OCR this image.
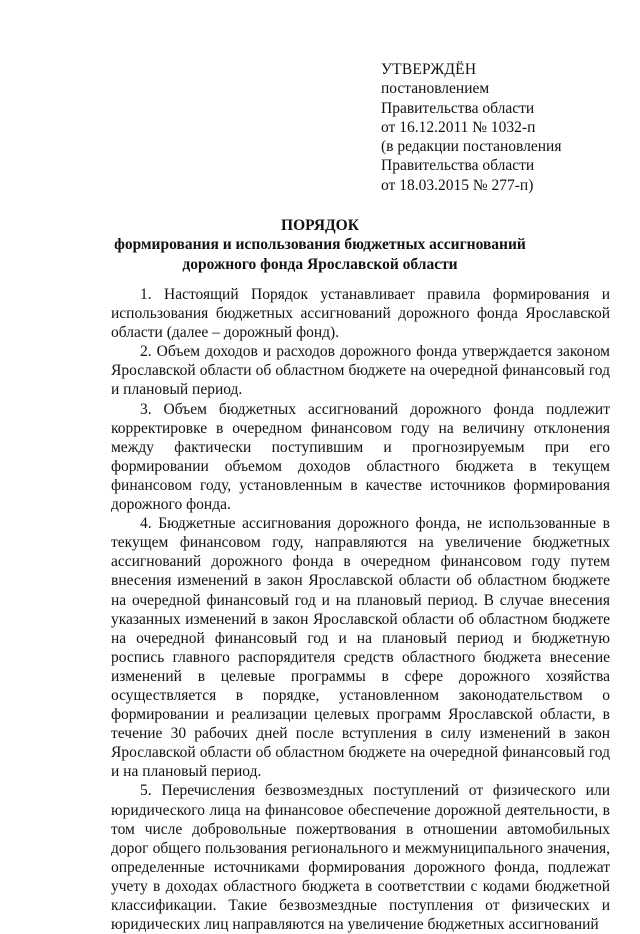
УТВЕРЖДЁН
постановлением
Правительства области
от 16.12.2011 № 1032-п
(в редакции постановления
Правительства области
от 18.03.2015 № 277-п)
ПОРЯДОК
формирования и использования бюджетных ассигнований
дорожного фонда Ярославской области

1. Настоящий Порядок устанавливает правила формирования и использования бюджетных ассигнований дорожного фонда Ярославской области (далее – дорожный фонд).

2. Объем доходов и расходов дорожного фонда утверждается законом Ярославской области об областном бюджете на очередной финансовый год и плановый период.

3. Объем бюджетных ассигнований дорожного фонда подлежит корректировке в очередном финансовом году на величину отклонения между фактически поступившим и прогнозируемым при его формировании объемом доходов областного бюджета в текущем финансовом году, установленным в качестве источников формирования дорожного фонда.

4. Бюджетные ассигнования дорожного фонда, не использованные в текущем финансовом году, направляются на увеличение бюджетных ассигнований дорожного фонда в очередном финансовом году путем внесения изменений в закон Ярославской области об областном бюджете на очередной финансовый год и на плановый период. В случае внесения указанных изменений в закон Ярославской области об областном бюджете на очередной финансовый год и на плановый период и бюджетную роспись главного распорядителя средств областного бюджета внесение изменений в целевые программы в сфере дорожного хозяйства осуществляется в порядке, установленном законодательством о формировании и реализации целевых программ Ярославской области, в течение 30 рабочих дней после вступления в силу изменений в закон Ярославской области об областном бюджете на очередной финансовый год и на плановый период.

5. Перечисления безвозмездных поступлений от физического или юридического лица на финансовое обеспечение дорожной деятельности, в том числе добровольные пожертвования в отношении автомобильных дорог общего пользования регионального и межмуниципального значения, определенные источниками формирования дорожного фонда, подлежат учету в доходах областного бюджета в соответствии с кодами бюджетной классификации. Такие безвозмездные поступления от физических и юридических лиц направляются на увеличение бюджетных ассигнований
